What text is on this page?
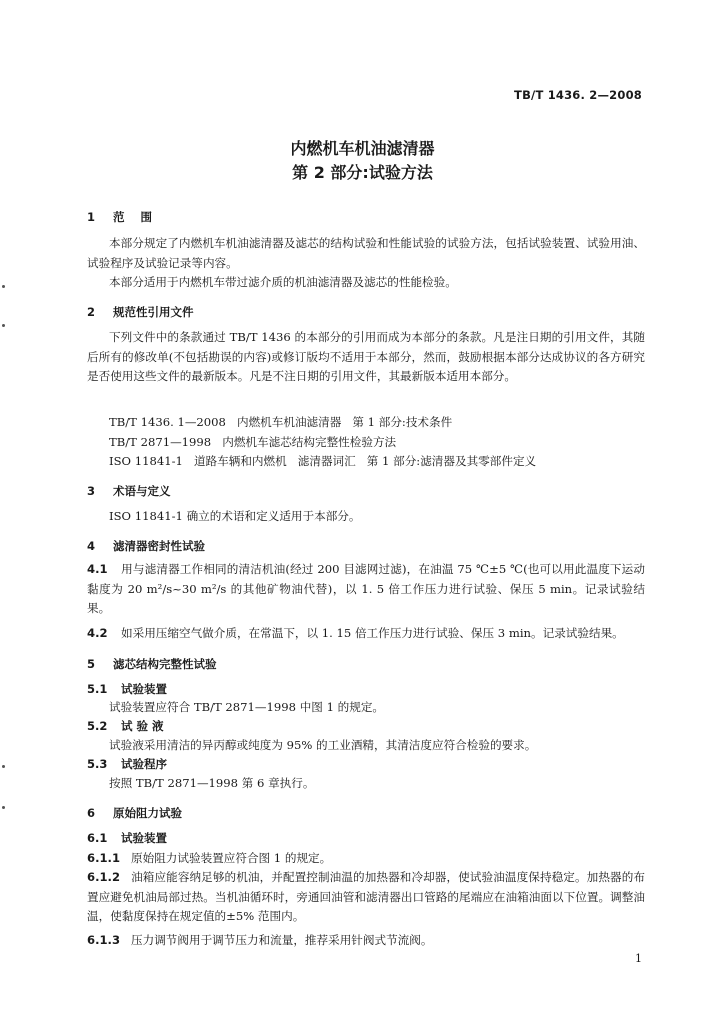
TB/T 1436. 2—2008
内燃机车机油滤清器
第 2 部分:试验方法
1 范    围
本部分规定了内燃机车机油滤清器及滤芯的结构试验和性能试验的试验方法，包括试验装置、试验用油、试验程序及试验记录等内容。
本部分适用于内燃机车带过滤介质的机油滤清器及滤芯的性能检验。
2 规范性引用文件
下列文件中的条款通过 TB/T 1436 的本部分的引用而成为本部分的条款。凡是注日期的引用文件，其随后所有的修改单(不包括勘误的内容)或修订版均不适用于本部分，然而，鼓励根据本部分达成协议的各方研究是否使用这些文件的最新版本。凡是不注日期的引用文件，其最新版本适用本部分。
TB/T 1436. 1—2008   内燃机车机油滤清器   第 1 部分:技术条件
TB/T 2871—1998   内燃机车滤芯结构完整性检验方法
ISO 11841-1   道路车辆和内燃机   滤清器词汇   第 1 部分:滤清器及其零部件定义
3 术语与定义
ISO 11841-1 确立的术语和定义适用于本部分。
4 滤清器密封性试验
4.1 用与滤清器工作相同的清洁机油(经过 200 目滤网过滤)，在油温 75 ℃±5 ℃(也可以用此温度下运动黏度为 20 m²/s~30 m²/s 的其他矿物油代替)，以 1. 5 倍工作压力进行试验、保压 5 min。记录试验结果。
4.2 如采用压缩空气做介质，在常温下，以 1. 15 倍工作压力进行试验、保压 3 min。记录试验结果。
5 滤芯结构完整性试验
5.1 试验装置
试验装置应符合 TB/T 2871—1998 中图 1 的规定。
5.2 试 验 液
试验液采用清洁的异丙醇或纯度为 95% 的工业酒精，其清洁度应符合检验的要求。
5.3 试验程序
按照 TB/T 2871—1998 第 6 章执行。
6 原始阻力试验
6.1 试验装置
6.1.1 原始阻力试验装置应符合图 1 的规定。
6.1.2 油箱应能容纳足够的机油，并配置控制油温的加热器和冷却器，使试验油温度保持稳定。加热器的布置应避免机油局部过热。当机油循环时，旁通回油管和滤清器出口管路的尾端应在油箱油面以下位置。调整油温，使黏度保持在规定值的±5% 范围内。
6.1.3 压力调节阀用于调节压力和流量，推荐采用针阀式节流阀。
1
